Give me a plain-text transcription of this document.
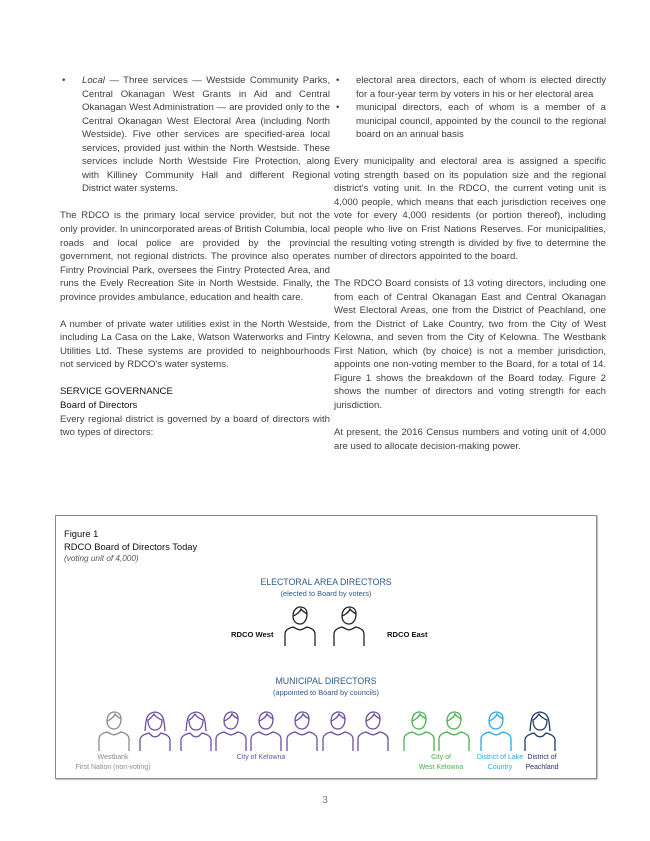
• Local — Three services — Westside Community Parks, Central Okanagan West Grants in Aid and Central Okanagan West Administration — are provided only to the Central Okanagan West Electoral Area (including North Westside). Five other services are specified-area local services, provided just within the North Westside. These services include North Westside Fire Protection, along with Killiney Community Hall and different Regional District water systems.

The RDCO is the primary local service provider, but not the only provider. In unincorporated areas of British Columbia, local roads and local police are provided by the provincial government, not regional districts. The province also operates Fintry Provincial Park, oversees the Fintry Protected Area, and runs the Evely Recreation Site in North Westside. Finally, the province provides ambulance, education and health care.

A number of private water utilities exist in the North Westside, including La Casa on the Lake, Watson Waterworks and Fintry Utilities Ltd. These systems are provided to neighbourhoods not serviced by RDCO's water systems.

SERVICE GOVERNANCE

Board of Directors

Every regional district is governed by a board of directors with two types of directors:

• electoral area directors, each of whom is elected directly for a four-year term by voters in his or her electoral area
• municipal directors, each of whom is a member of a municipal council, appointed by the council to the regional board on an annual basis

Every municipality and electoral area is assigned a specific voting strength based on its population size and the regional district's voting unit. In the RDCO, the current voting unit is 4,000 people, which means that each jurisdiction receives one vote for every 4,000 residents (or portion thereof), including people who live on Frist Nations Reserves. For municipalities, the resulting voting strength is divided by five to determine the number of directors appointed to the board.

The RDCO Board consists of 13 voting directors, including one from each of Central Okanagan East and Central Okanagan West Electoral Areas, one from the District of Peachland, one from the District of Lake Country, two from the City of West Kelowna, and seven from the City of Kelowna. The Westbank First Nation, which (by choice) is not a member jurisdiction, appoints one non-voting member to the Board, for a total of 14. Figure 1 shows the breakdown of the Board today. Figure 2 shows the number of directors and voting strength for each jurisdiction.

At present, the 2016 Census numbers and voting unit of 4,000 are used to allocate decision-making power.

Figure 1
RDCO Board of Directors Today
(voting unit of 4,000)
ELECTORAL AREA DIRECTORS
(elected to Board by voters)
RDCO West	RDCO East
MUNICIPAL DIRECTORS
(appointed to Board by councils)
Westbank
First Nation (non-voting)
City of Kelowna	City of
West Kelowna
District of Lake
Country
District of
Peachland
3
